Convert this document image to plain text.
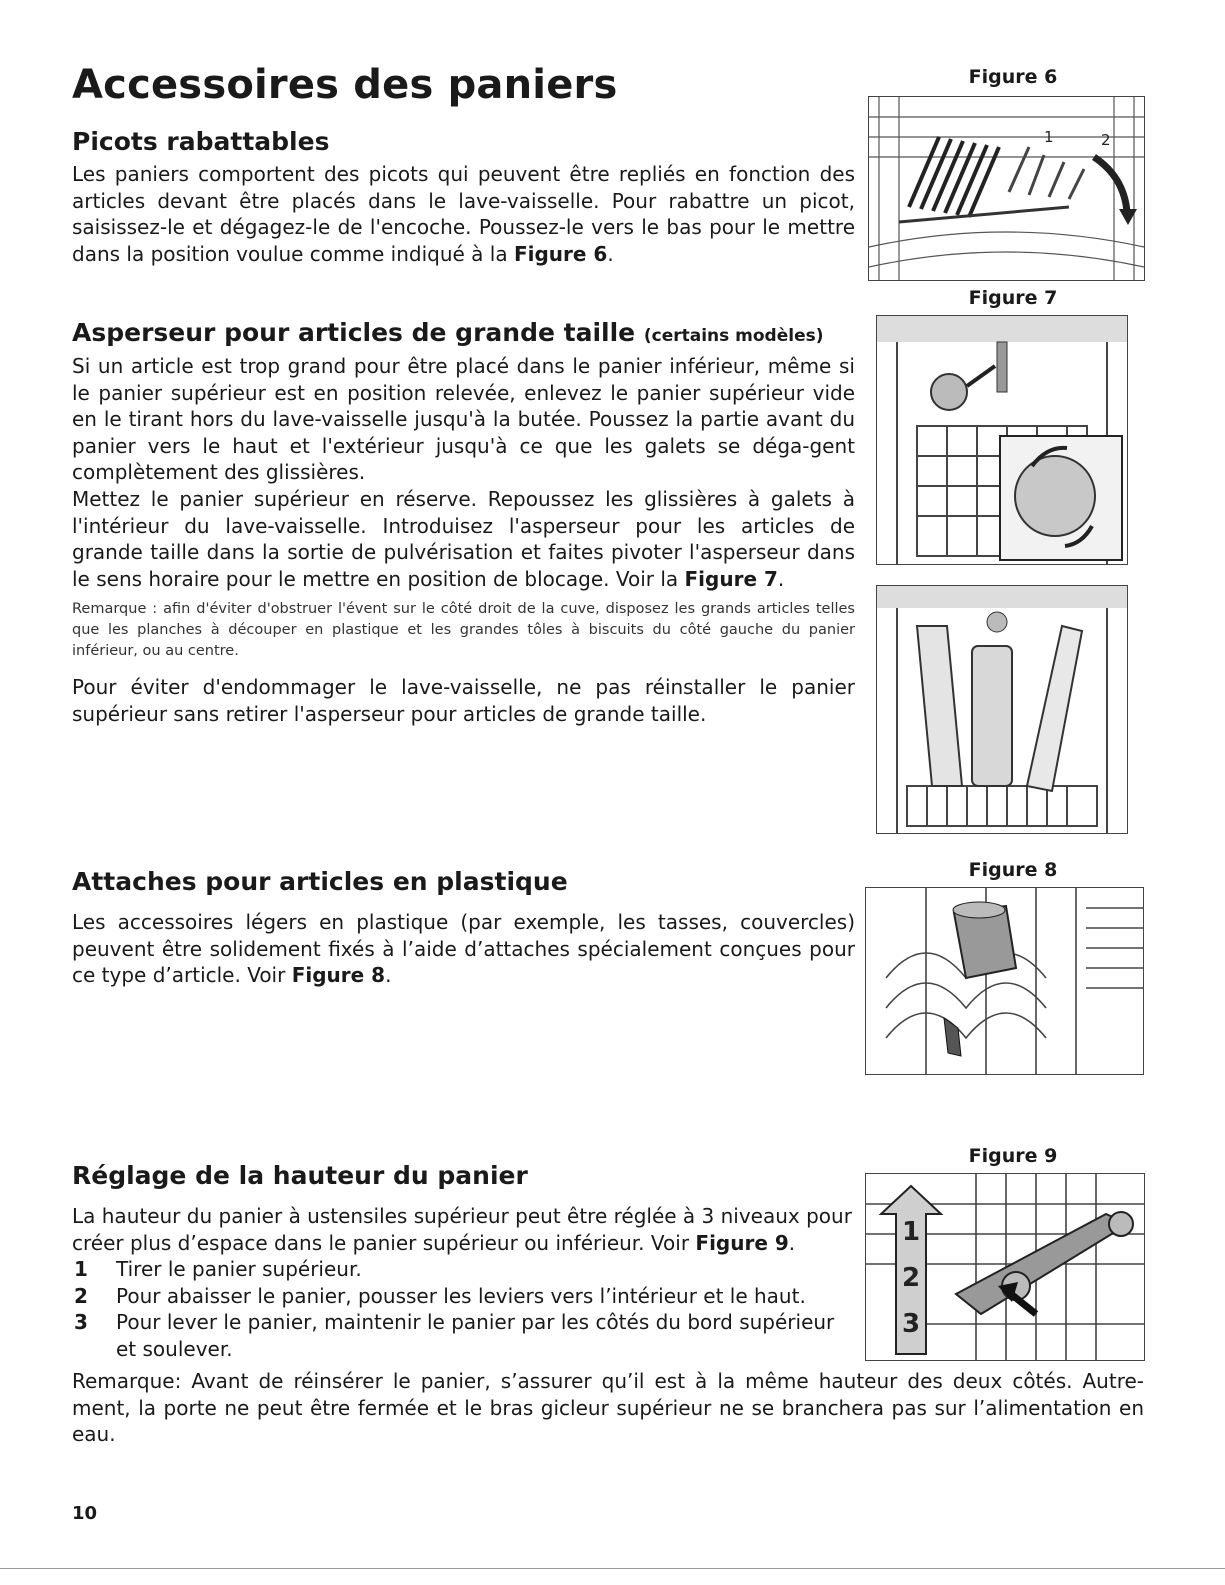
Accessoires des paniers
Picots rabattables

Les paniers comportent des picots qui peuvent être repliés en fonction des articles devant être placés dans le lave-vaisselle. Pour rabattre un picot, saisissez-le et dégagez-le de l'encoche. Poussez-le vers le bas pour le mettre dans la position voulue comme indiqué à la Figure 6.

Figure 6
1	2
Asperseur pour articles de grande taille (certains modèles)

Si un article est trop grand pour être placé dans le panier inférieur, même si le panier supérieur est en position relevée, enlevez le panier supérieur vide en le tirant hors du lave-vaisselle jusqu'à la butée. Poussez la partie avant du panier vers le haut et l'extérieur jusqu'à ce que les galets se déga-gent complètement des glissières.

Mettez le panier supérieur en réserve. Repoussez les glissières à galets à l'intérieur du lave-vaisselle. Introduisez l'asperseur pour les articles de grande taille dans la sortie de pulvérisation et faites pivoter l'asperseur dans le sens horaire pour le mettre en position de blocage. Voir la Figure 7.

Remarque : afin d'éviter d'obstruer l'évent sur le côté droit de la cuve, disposez les grands articles telles que les planches à découper en plastique et les grandes tôles à biscuits du côté gauche du panier inférieur, ou au centre.

Pour éviter d'endommager le lave-vaisselle, ne pas réinstaller le panier supérieur sans retirer l'asperseur pour articles de grande taille.

Figure 7
Attaches pour articles en plastique

Les accessoires légers en plastique (par exemple, les tasses, couvercles) peuvent être solidement fixés à l’aide d’attaches spécialement conçues pour ce type d’article. Voir Figure 8.

Figure 8
Réglage de la hauteur du panier

La hauteur du panier à ustensiles supérieur peut être réglée à 3 niveaux pour créer plus d’espace dans le panier supérieur ou inférieur. Voir Figure 9.

1 Tirer le panier supérieur.
2 Pour abaisser le panier, pousser les leviers vers l’intérieur et le haut.
3 Pour lever le panier, maintenir le panier par les côtés du bord supérieur et soulever.

Remarque: Avant de réinsérer le panier, s’assurer qu’il est à la même hauteur des deux côtés. Autre-ment, la porte ne peut être fermée et le bras gicleur supérieur ne se branchera pas sur l’alimentation en eau.

Figure 9
1
2
3
10
